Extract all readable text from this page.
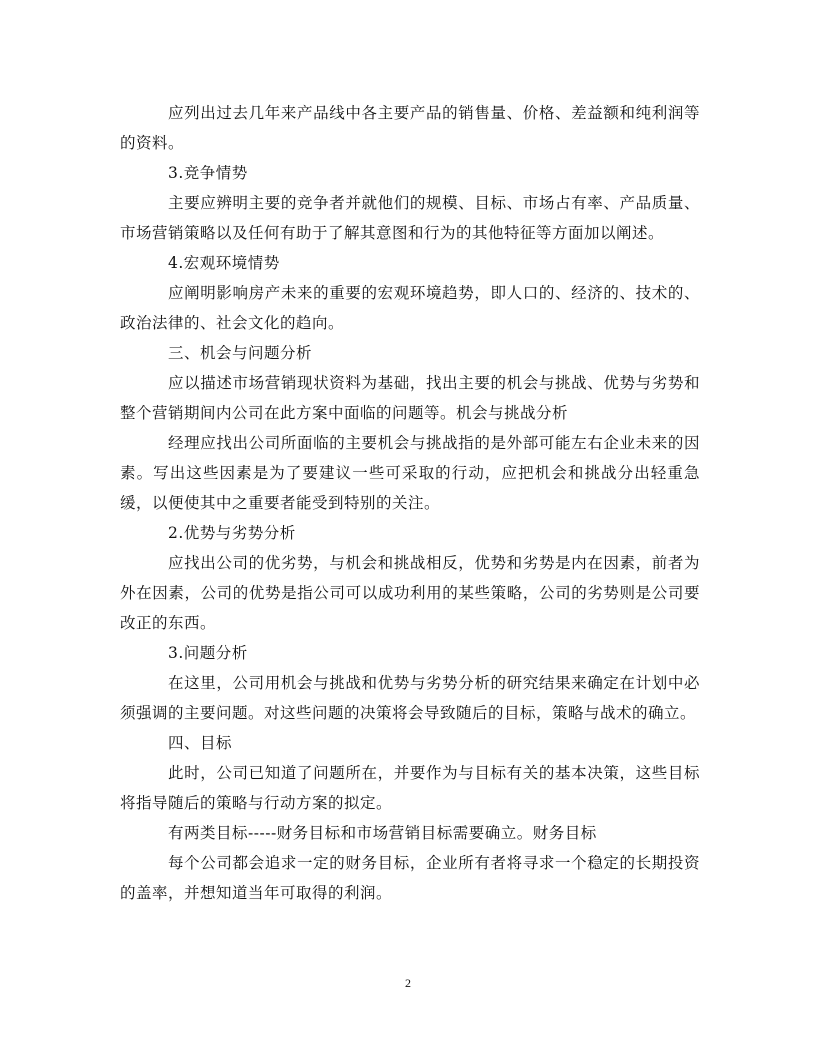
应列出过去几年来产品线中各主要产品的销售量、价格、差益额和纯利润等的资料。

3.竞争情势

主要应辨明主要的竞争者并就他们的规模、目标、市场占有率、产品质量、市场营销策略以及任何有助于了解其意图和行为的其他特征等方面加以阐述。

4.宏观环境情势

应阐明影响房产未来的重要的宏观环境趋势，即人口的、经济的、技术的、政治法律的、社会文化的趋向。

三、机会与问题分析

应以描述市场营销现状资料为基础，找出主要的机会与挑战、优势与劣势和整个营销期间内公司在此方案中面临的问题等。机会与挑战分析

经理应找出公司所面临的主要机会与挑战指的是外部可能左右企业未来的因素。写出这些因素是为了要建议一些可采取的行动，应把机会和挑战分出轻重急缓，以便使其中之重要者能受到特别的关注。

2.优势与劣势分析

应找出公司的优劣势，与机会和挑战相反，优势和劣势是内在因素，前者为外在因素，公司的优势是指公司可以成功利用的某些策略，公司的劣势则是公司要改正的东西。

3.问题分析

在这里，公司用机会与挑战和优势与劣势分析的研究结果来确定在计划中必须强调的主要问题。对这些问题的决策将会导致随后的目标，策略与战术的确立。

四、目标

此时，公司已知道了问题所在，并要作为与目标有关的基本决策，这些目标将指导随后的策略与行动方案的拟定。

有两类目标-----财务目标和市场营销目标需要确立。财务目标

每个公司都会追求一定的财务目标，企业所有者将寻求一个稳定的长期投资的盖率，并想知道当年可取得的利润。

2
